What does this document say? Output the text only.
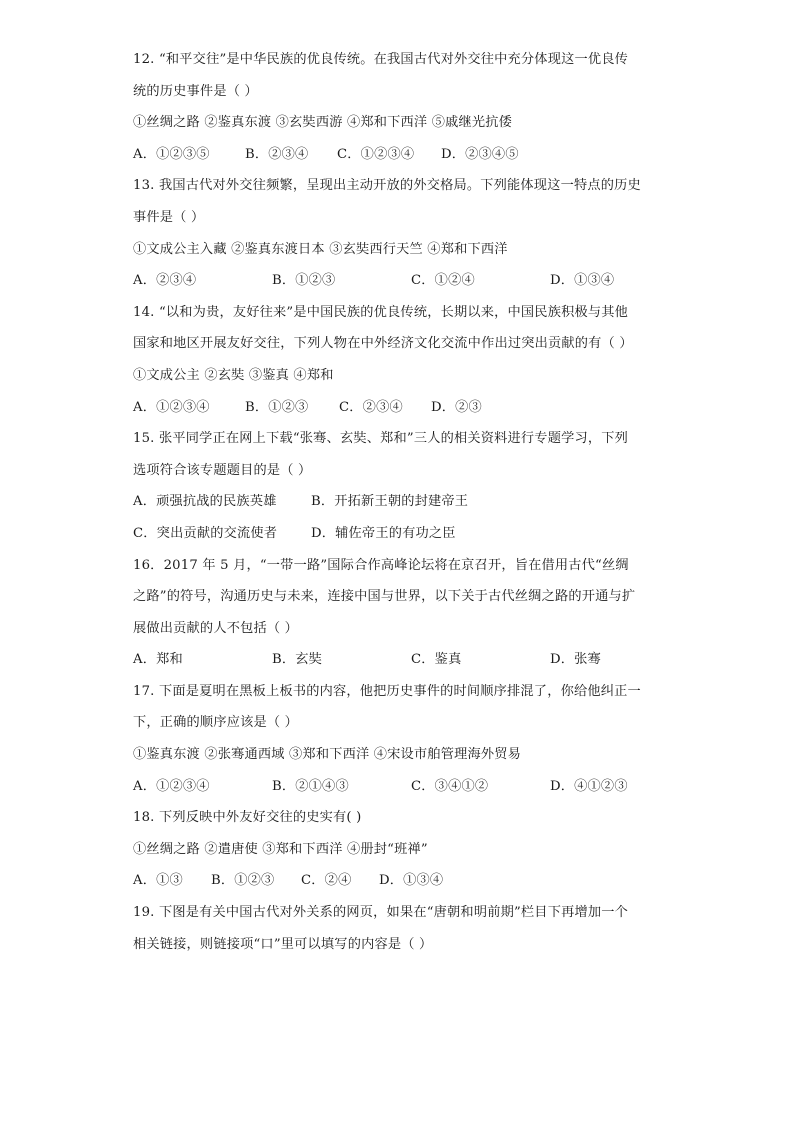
12. “和平交往”是中华民族的优良传统。在我国古代对外交往中充分体现这一优良传
统的历史事件是（ ）
①丝绸之路 ②鉴真东渡 ③玄奘西游 ④郑和下西洋 ⑤戚继光抗倭
A．①②③⑤	B．②③④ C．①②③④ D．②③④⑤
13. 我国古代对外交往频繁，呈现出主动开放的外交格局。下列能体现这一特点的历史
事件是（ ）
①文成公主入藏 ②鉴真东渡日本 ③玄奘西行天竺 ④郑和下西洋
A．②③④	B．①②③	C．①②④	D．①③④
14. “以和为贵，友好往来”是中国民族的优良传统，长期以来，中国民族积极与其他
国家和地区开展友好交往，下列人物在中外经济文化交流中作出过突出贡献的有（ ）
①文成公主 ②玄奘 ③鉴真 ④郑和
A．①②③④	B．①②③ C．②③④ D．②③
15. 张平同学正在网上下载“张骞、玄奘、郑和”三人的相关资料进行专题学习，下列
选项符合该专题题目的是（ ）
A．顽强抗战的民族英雄	B．开拓新王朝的封建帝王
C．突出贡献的交流使者	D．辅佐帝王的有功之臣
16．2017 年 5 月，“一带一路”国际合作高峰论坛将在京召开，旨在借用古代“丝绸
之路”的符号，沟通历史与未来，连接中国与世界，以下关于古代丝绸之路的开通与扩
展做出贡献的人不包括（ ）
A．郑和	B．玄奘	C．鉴真	D．张骞
17. 下面是夏明在黑板上板书的内容，他把历史事件的时间顺序排混了，你给他纠正一
下，正确的顺序应该是（ ）
①鉴真东渡 ②张骞通西域 ③郑和下西洋 ④宋设市舶管理海外贸易
A．①②③④	B．②①④③	C．③④①②	D．④①②③
18. 下列反映中外友好交往的史实有( )
①丝绸之路 ②遣唐使 ③郑和下西洋 ④册封“班禅”
A．①③ B．①②③ C．②④ D．①③④
19. 下图是有关中国古代对外关系的网页，如果在“唐朝和明前期”栏目下再增加一个
相关链接，则链接项“口”里可以填写的内容是（ ）
